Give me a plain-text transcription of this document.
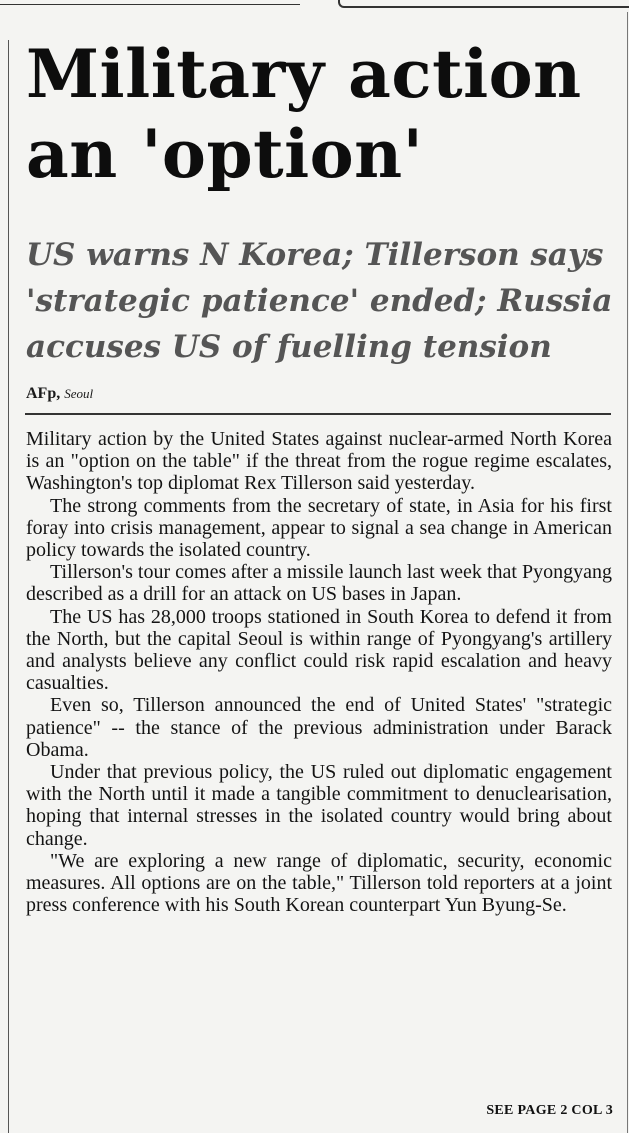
Military action
an 'option'
US warns N Korea; Tillerson says 'strategic patience' ended; Russia accuses US of fuelling tension
AFp, Seoul

Military action by the United States against nuclear-armed North Korea is an "option on the table" if the threat from the rogue regime escalates, Washington's top diplomat Rex Tillerson said yesterday.

The strong comments from the secretary of state, in Asia for his first foray into crisis management, appear to signal a sea change in American policy towards the isolated country.

Tillerson's tour comes after a missile launch last week that Pyongyang described as a drill for an attack on US bases in Japan.

The US has 28,000 troops stationed in South Korea to defend it from the North, but the capital Seoul is within range of Pyongyang's artillery and analysts believe any conflict could risk rapid escalation and heavy casualties.

Even so, Tillerson announced the end of United States' "strategic patience" -- the stance of the previous administration under Barack Obama.

Under that previous policy, the US ruled out diplomatic engagement with the North until it made a tangible commitment to denuclearisation, hoping that internal stresses in the isolated country would bring about change.

"We are exploring a new range of diplomatic, security, economic measures. All options are on the table," Tillerson told reporters at a joint press conference with his South Korean counterpart Yun Byung-Se.

SEE PAGE 2 COL 3
